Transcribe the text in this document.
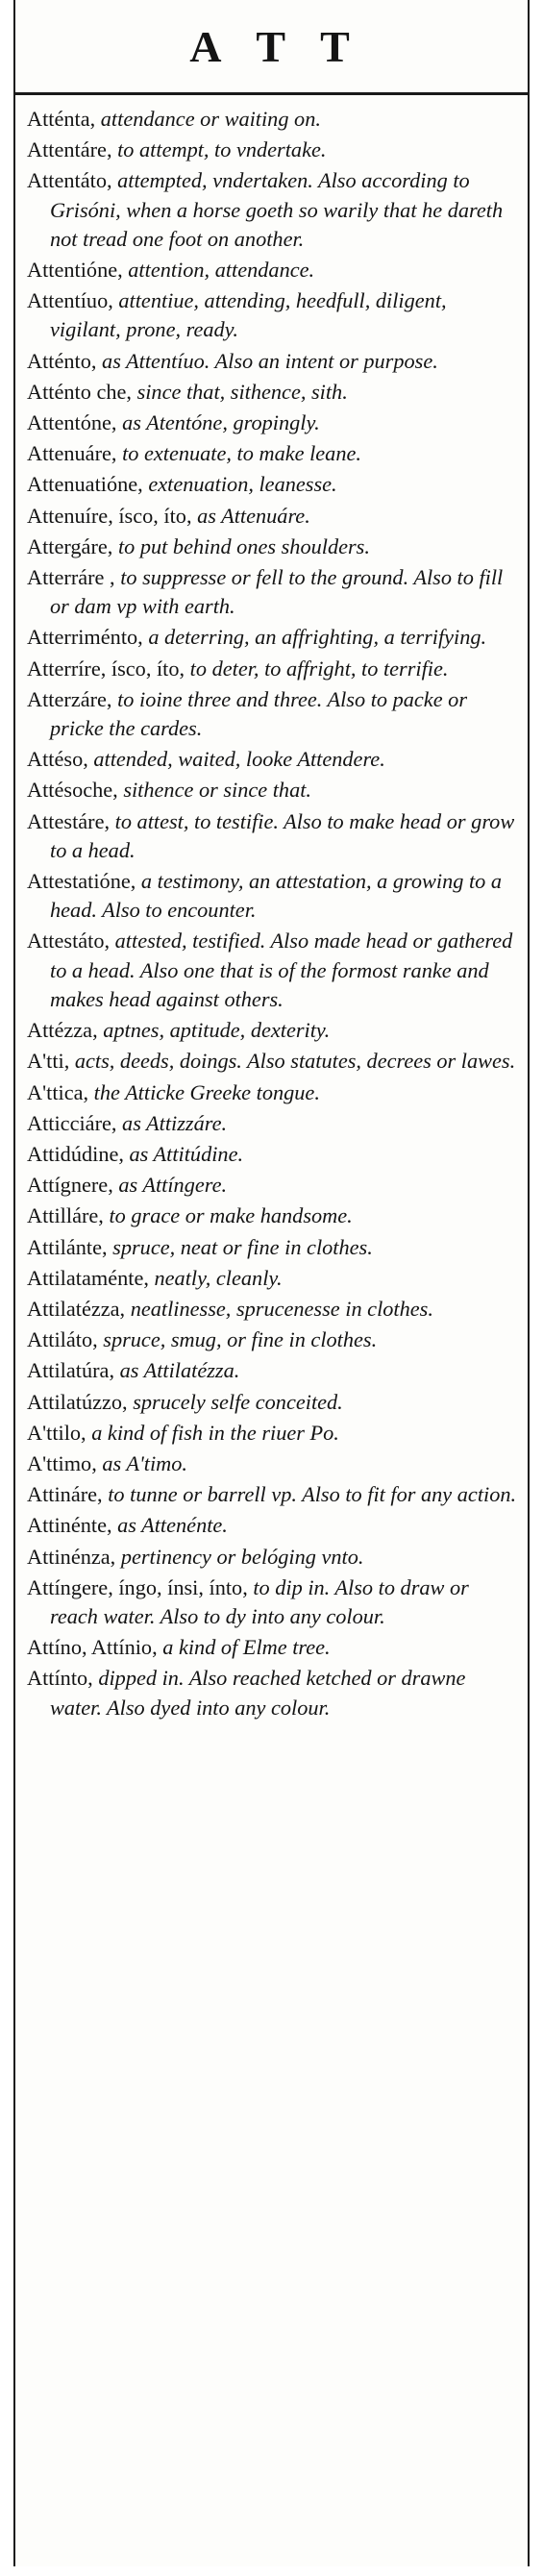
A T T

Atténta, attendance or waiting on.

Attentáre, to attempt, to vndertake.

Attentáto, attempted, vndertaken. Also according to Grisóni, when a horse goeth so warily that he dareth not tread one foot on another.

Attentióne, attention, attendance.

Attentíuo, attentiue, attending, heedfull, diligent, vigilant, prone, ready.

Atténto, as Attentíuo. Also an intent or purpose.

Atténto che, since that, sithence, sith.

Attentóne, as Atentóne, gropingly.

Attenuáre, to extenuate, to make leane.

Attenuatióne, extenuation, leanesse.

Attenuíre, ísco, íto, as Attenuáre.

Attergáre, to put behind ones shoulders.

Atterráre , to suppresse or fell to the ground. Also to fill or dam vp with earth.

Atterriménto, a deterring, an affrighting, a terrifying.

Atterríre, ísco, íto, to deter, to affright, to terrifie.

Atterzáre, to ioine three and three. Also to packe or pricke the cardes.

Attéso, attended, waited, looke Attendere.

Attésoche, sithence or since that.

Attestáre, to attest, to testifie. Also to make head or grow to a head.

Attestatióne, a testimony, an attestation, a growing to a head. Also to encounter.

Attestáto, attested, testified. Also made head or gathered to a head. Also one that is of the formost ranke and makes head against others.

Attézza, aptnes, aptitude, dexterity.

A'tti, acts, deeds, doings. Also statutes, decrees or lawes.

A'ttica, the Atticke Greeke tongue.

Atticciáre, as Attizzáre.

Attidúdine, as Attitúdine.

Attígnere, as Attíngere.

Attilláre, to grace or make handsome.

Attilánte, spruce, neat or fine in clothes.

Attilataménte, neatly, cleanly.

Attilatézza, neatlinesse, sprucenesse in clothes.

Attiláto, spruce, smug, or fine in clothes.

Attilatúra, as Attilatézza.

Attilatúzzo, sprucely selfe conceited.

A'ttilo, a kind of fish in the riuer Po.

A'ttimo, as A'timo.

Attináre, to tunne or barrell vp. Also to fit for any action.

Attinénte, as Attenénte.

Attinénza, pertinency or belóging vnto.

Attíngere, íngo, ínsi, ínto, to dip in. Also to draw or reach water. Also to dy into any colour.

Attíno, Attínio, a kind of Elme tree.

Attínto, dipped in. Also reached ketched or drawne water. Also dyed into any colour.
